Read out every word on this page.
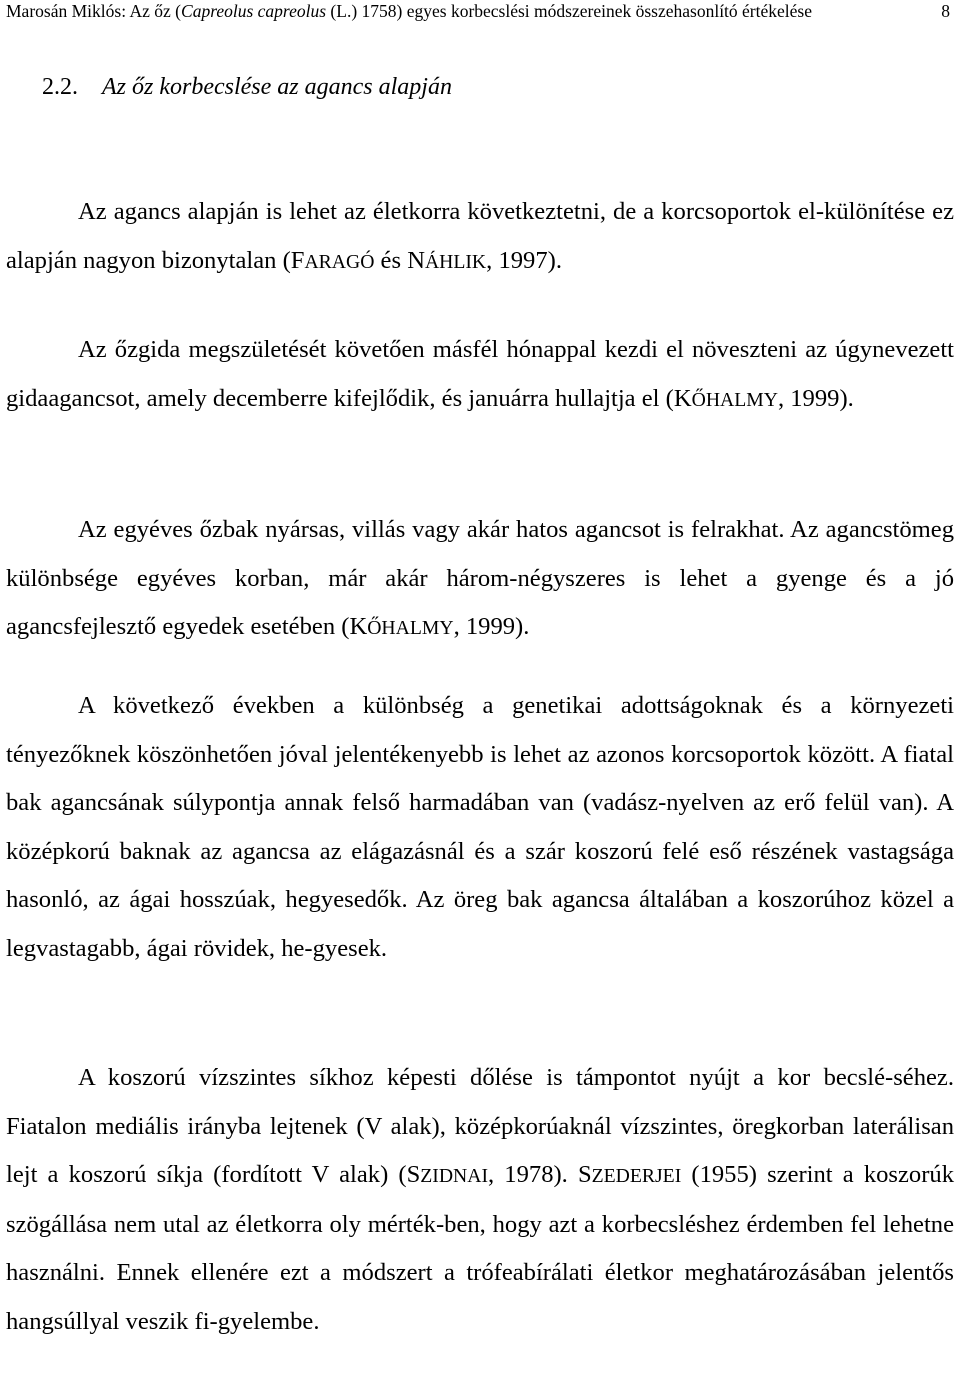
Marosán Miklós: Az őz (Capreolus capreolus (L.) 1758) egyes korbecslési módszereinek összehasonlító értékelése	8
2.2. Az őz korbecslése az agancs alapján

Az agancs alapján is lehet az életkorra következtetni, de a korcsoportok el-különítése ez alapján nagyon bizonytalan (FARAGÓ és NÁHLIK, 1997).

Az őzgida megszületését követően másfél hónappal kezdi el növeszteni az úgynevezett gidaagancsot, amely decemberre kifejlődik, és januárra hullajtja el (KŐHALMY, 1999).

Az egyéves őzbak nyársas, villás vagy akár hatos agancsot is felrakhat. Az agancstömeg különbsége egyéves korban, már akár három-négyszeres is lehet a gyenge és a jó agancsfejlesztő egyedek esetében (KŐHALMY, 1999).

A következő években a különbség a genetikai adottságoknak és a környezeti tényezőknek köszönhetően jóval jelentékenyebb is lehet az azonos korcsoportok között. A fiatal bak agancsának súlypontja annak felső harmadában van (vadász-nyelven az erő felül van). A középkorú baknak az agancsa az elágazásnál és a szár koszorú felé eső részének vastagsága hasonló, az ágai hosszúak, hegyesedők. Az öreg bak agancsa általában a koszorúhoz közel a legvastagabb, ágai rövidek, he-gyesek.

A koszorú vízszintes síkhoz képesti dőlése is támpontot nyújt a kor becslé-séhez. Fiatalon mediális irányba lejtenek (V alak), középkorúaknál vízszintes, öregkorban laterálisan lejt a koszorú síkja (fordított V alak) (SZIDNAI, 1978). SZEDERJEI (1955) szerint a koszorúk szögállása nem utal az életkorra oly mérték-ben, hogy azt a korbecsléshez érdemben fel lehetne használni. Ennek ellenére ezt a módszert a trófeabírálati életkor meghatározásában jelentős hangsúllyal veszik fi-gyelembe.
